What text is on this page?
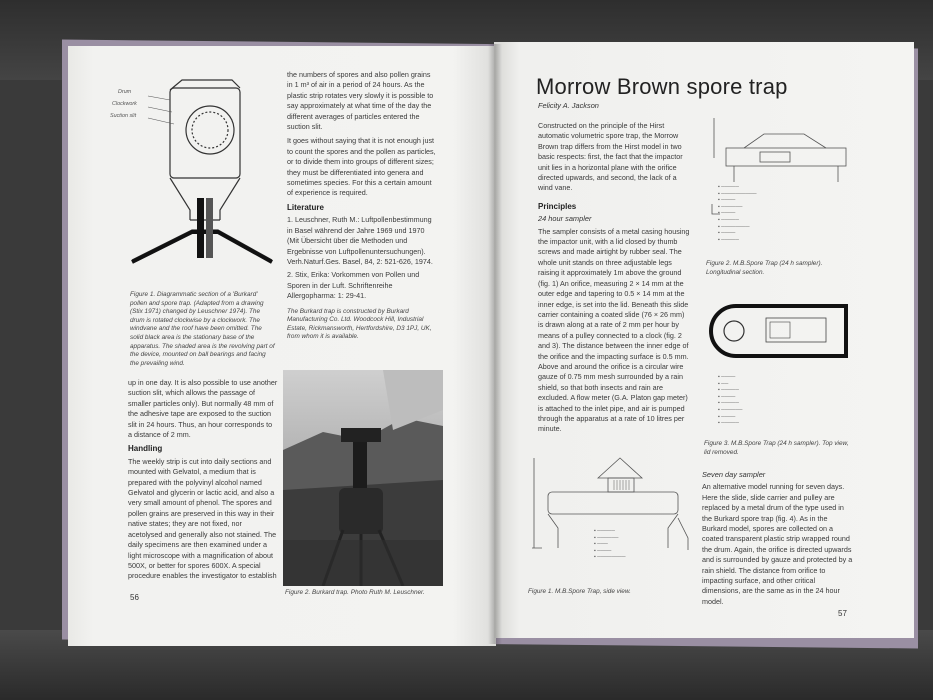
Drum
Clockwork
Suction slit
Figure 1. Diagrammatic section of a 'Burkard' pollen and spore trap. (Adapted from a drawing (Stix 1971) changed by Leuschner 1974). The drum is rotated clockwise by a clockwork. The windvane and the roof have been omitted. The solid black area is the stationary base of the apparatus. The shaded area is the revolving part of the device, mounted on ball bearings and facing the prevailing wind.

up in one day. It is also possible to use another suction slit, which allows the passage of smaller particles only). But normally 48 mm of the adhesive tape are exposed to the suction slit in 24 hours. Thus, an hour corresponds to a distance of 2 mm.

Handling

The weekly strip is cut into daily sections and mounted with Gelvatol, a medium that is prepared with the polyvinyl alcohol named Gelvatol and glycerin or lactic acid, and also a very small amount of phenol. The spores and pollen grains are preserved in this way in their native states; they are not fixed, nor acetolysed and generally also not stained. The daily specimens are then examined under a light microscope with a magnification of about 500X, or better for spores 600X. A special procedure enables the investigator to establish

the numbers of spores and also pollen grains in 1 m³ of air in a period of 24 hours. As the plastic strip rotates very slowly it is possible to say approximately at what time of the day the different averages of particles entered the suction slit.

It goes without saying that it is not enough just to count the spores and the pollen as particles, or to divide them into groups of different sizes; they must be differentiated into genera and sometimes species. For this a certain amount of experience is required.

Literature
1. Leuschner, Ruth M.: Luftpollenbestimmung in Basel während der Jahre 1969 und 1970 (Mit Übersicht über die Methoden und Ergebnisse von Luftpollenuntersuchungen). Verh.Naturf.Ges. Basel, 84, 2: 521-626, 1974.
2. Stix, Erika: Vorkommen von Pollen und Sporen in der Luft. Schriftenreihe Allergopharma: 1: 29-41.

The Burkard trap is constructed by Burkard Manufacturing Co. Ltd. Woodcock Hill, Industrial Estate, Rickmansworth, Hertfordshire, D3 1PJ, UK, from whom it is available.

Figure 2. Burkard trap. Photo Ruth M. Leuschner.
56
Morrow Brown spore trap
Felicity A. Jackson

Constructed on the principle of the Hirst automatic volumetric spore trap, the Morrow Brown trap differs from the Hirst model in two basic respects: first, the fact that the impactor unit lies in a horizontal plane with the orifice directed upwards, and second, the lack of a wind vane.

Principles
24 hour sampler

The sampler consists of a metal casing housing the impactor unit, with a lid closed by thumb screws and made airtight by rubber seal. The whole unit stands on three adjustable legs raising it approximately 1m above the ground (fig. 1) An orifice, measuring 2 × 14 mm at the outer edge and tapering to 0.5 × 14 mm at the inner edge, is set into the lid. Beneath this slide carrier containing a coated slide (76 × 26 mm) is drawn along at a rate of 2 mm per hour by means of a pulley connected to a clock (fig. 2 and 3). The distance between the inner edge of the orifice and the impacting surface is 0.5 mm. Above and around the orifice is a circular wire gauze of 0.75 mm mesh surrounded by a rain shield, so that both insects and rain are excluded. A flow meter (G.A. Platon gap meter) is attached to the inlet pipe, and air is pumped through the apparatus at a rate of 10 litres per minute.

▪ ─────
▪ ──────
▪ ───
▪ ────
▪ ────────
Figure 1. M.B.Spore Trap, side view.
▪ ─────
▪ ──────────
▪ ────
▪ ──────
▪ ────
▪ ─────
▪ ────────
▪ ────
▪ ─────
Figure 2. M.B.Spore Trap (24 h sampler). Longitudinal section.
▪ ────
▪ ──
▪ ─────
▪ ────
▪ ─────
▪ ──────
▪ ────
▪ ─────
Figure 3. M.B.Spore Trap (24 h sampler). Top view, lid removed.
Seven day sampler

An alternative model running for seven days. Here the slide, slide carrier and pulley are replaced by a metal drum of the type used in the Burkard spore trap (fig. 4). As in the Burkard model, spores are collected on a coated transparent plastic strip wrapped round the drum. Again, the orifice is directed upwards and is surrounded by gauze and protected by a rain shield. The distance from orifice to impacting surface, and other critical dimensions, are the same as in the 24 hour model.

57
